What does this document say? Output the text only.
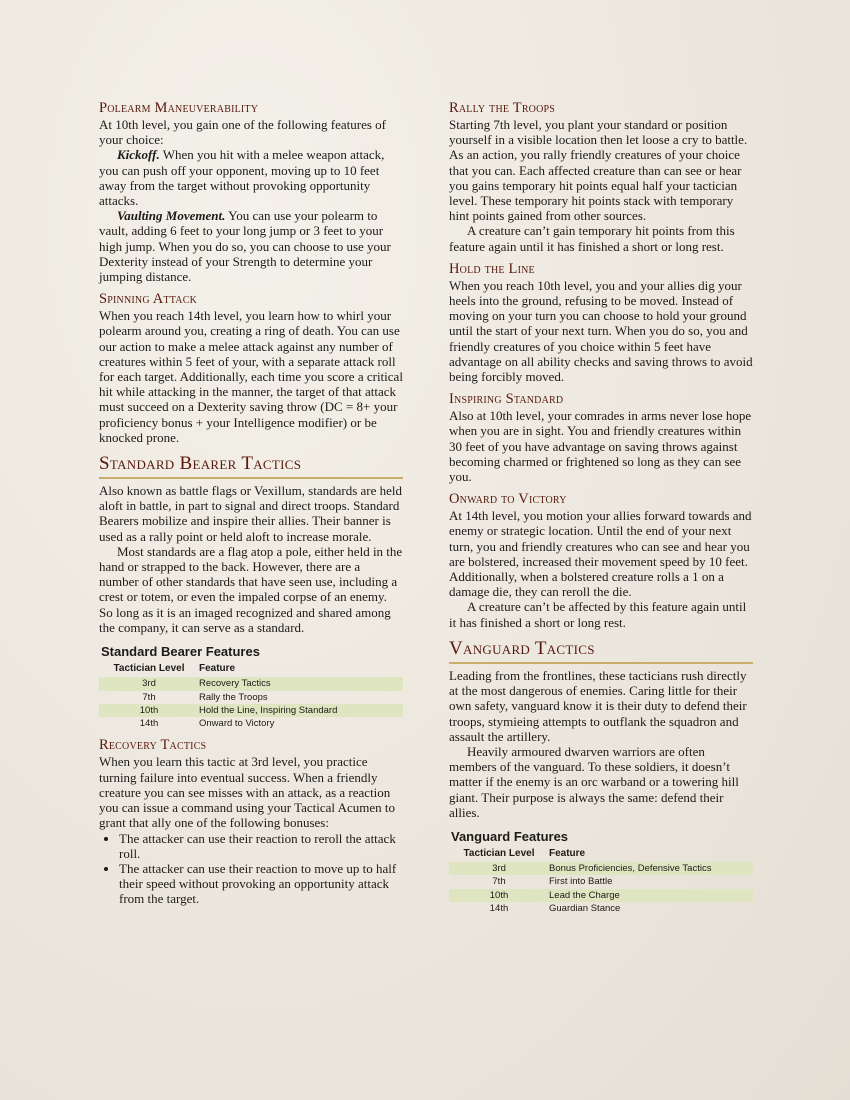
Polearm Maneuverability

At 10th level, you gain one of the following features of your choice:

Kickoff. When you hit with a melee weapon attack, you can push off your opponent, moving up to 10 feet away from the target without provoking opportunity attacks.

Vaulting Movement. You can use your polearm to vault, adding 6 feet to your long jump or 3 feet to your high jump. When you do so, you can choose to use your Dexterity instead of your Strength to determine your jumping distance.

Spinning Attack

When you reach 14th level, you learn how to whirl your polearm around you, creating a ring of death. You can use our action to make a melee attack against any number of creatures within 5 feet of your, with a separate attack roll for each target. Additionally, each time you score a critical hit while attacking in the manner, the target of that attack must succeed on a Dexterity saving throw (DC = 8+ your proficiency bonus + your Intelligence modifier) or be knocked prone.

Standard Bearer Tactics

Also known as battle flags or Vexillum, standards are held aloft in battle, in part to signal and direct troops. Standard Bearers mobilize and inspire their allies. Their banner is used as a rally point or held aloft to increase morale.

Most standards are a flag atop a pole, either held in the hand or strapped to the back. However, there are a number of other standards that have seen use, including a crest or totem, or even the impaled corpse of an enemy. So long as it is an imaged recognized and shared among the company, it can serve as a standard.

Standard Bearer Features
Tactician Level	Feature
3rd	Recovery Tactics
7th	Rally the Troops
10th	Hold the Line, Inspiring Standard
14th	Onward to Victory
Recovery Tactics

When you learn this tactic at 3rd level, you practice turning failure into eventual success. When a friendly creature you can see misses with an attack, as a reaction you can issue a command using your Tactical Acumen to grant that ally one of the following bonuses:

• The attacker can use their reaction to reroll the attack roll.
• The attacker can use their reaction to move up to half their speed without provoking an opportunity attack from the target.
Rally the Troops

Starting 7th level, you plant your standard or position yourself in a visible location then let loose a cry to battle. As an action, you rally friendly creatures of your choice that you can. Each affected creature than can see or hear you gains temporary hit points equal half your tactician level. These temporary hit points stack with temporary hint points gained from other sources.

A creature can’t gain temporary hit points from this feature again until it has finished a short or long rest.

Hold the Line

When you reach 10th level, you and your allies dig your heels into the ground, refusing to be moved. Instead of moving on your turn you can choose to hold your ground until the start of your next turn. When you do so, you and friendly creatures of you choice within 5 feet have advantage on all ability checks and saving throws to avoid being forcibly moved.

Inspiring Standard

Also at 10th level, your comrades in arms never lose hope when you are in sight. You and friendly creatures within 30 feet of you have advantage on saving throws against becoming charmed or frightened so long as they can see you.

Onward to Victory

At 14th level, you motion your allies forward towards and enemy or strategic location. Until the end of your next turn, you and friendly creatures who can see and hear you are bolstered, increased their movement speed by 10 feet. Additionally, when a bolstered creature rolls a 1 on a damage die, they can reroll the die.

A creature can’t be affected by this feature again until it has finished a short or long rest.

Vanguard Tactics

Leading from the frontlines, these tacticians rush directly at the most dangerous of enemies. Caring little for their own safety, vanguard know it is their duty to defend their troops, stymieing attempts to outflank the squadron and assault the artillery.

Heavily armoured dwarven warriors are often members of the vanguard. To these soldiers, it doesn’t matter if the enemy is an orc warband or a towering hill giant. Their purpose is always the same: defend their allies.

Vanguard Features
Tactician Level	Feature
3rd	Bonus Proficiencies, Defensive Tactics
7th	First into Battle
10th	Lead the Charge
14th	Guardian Stance
